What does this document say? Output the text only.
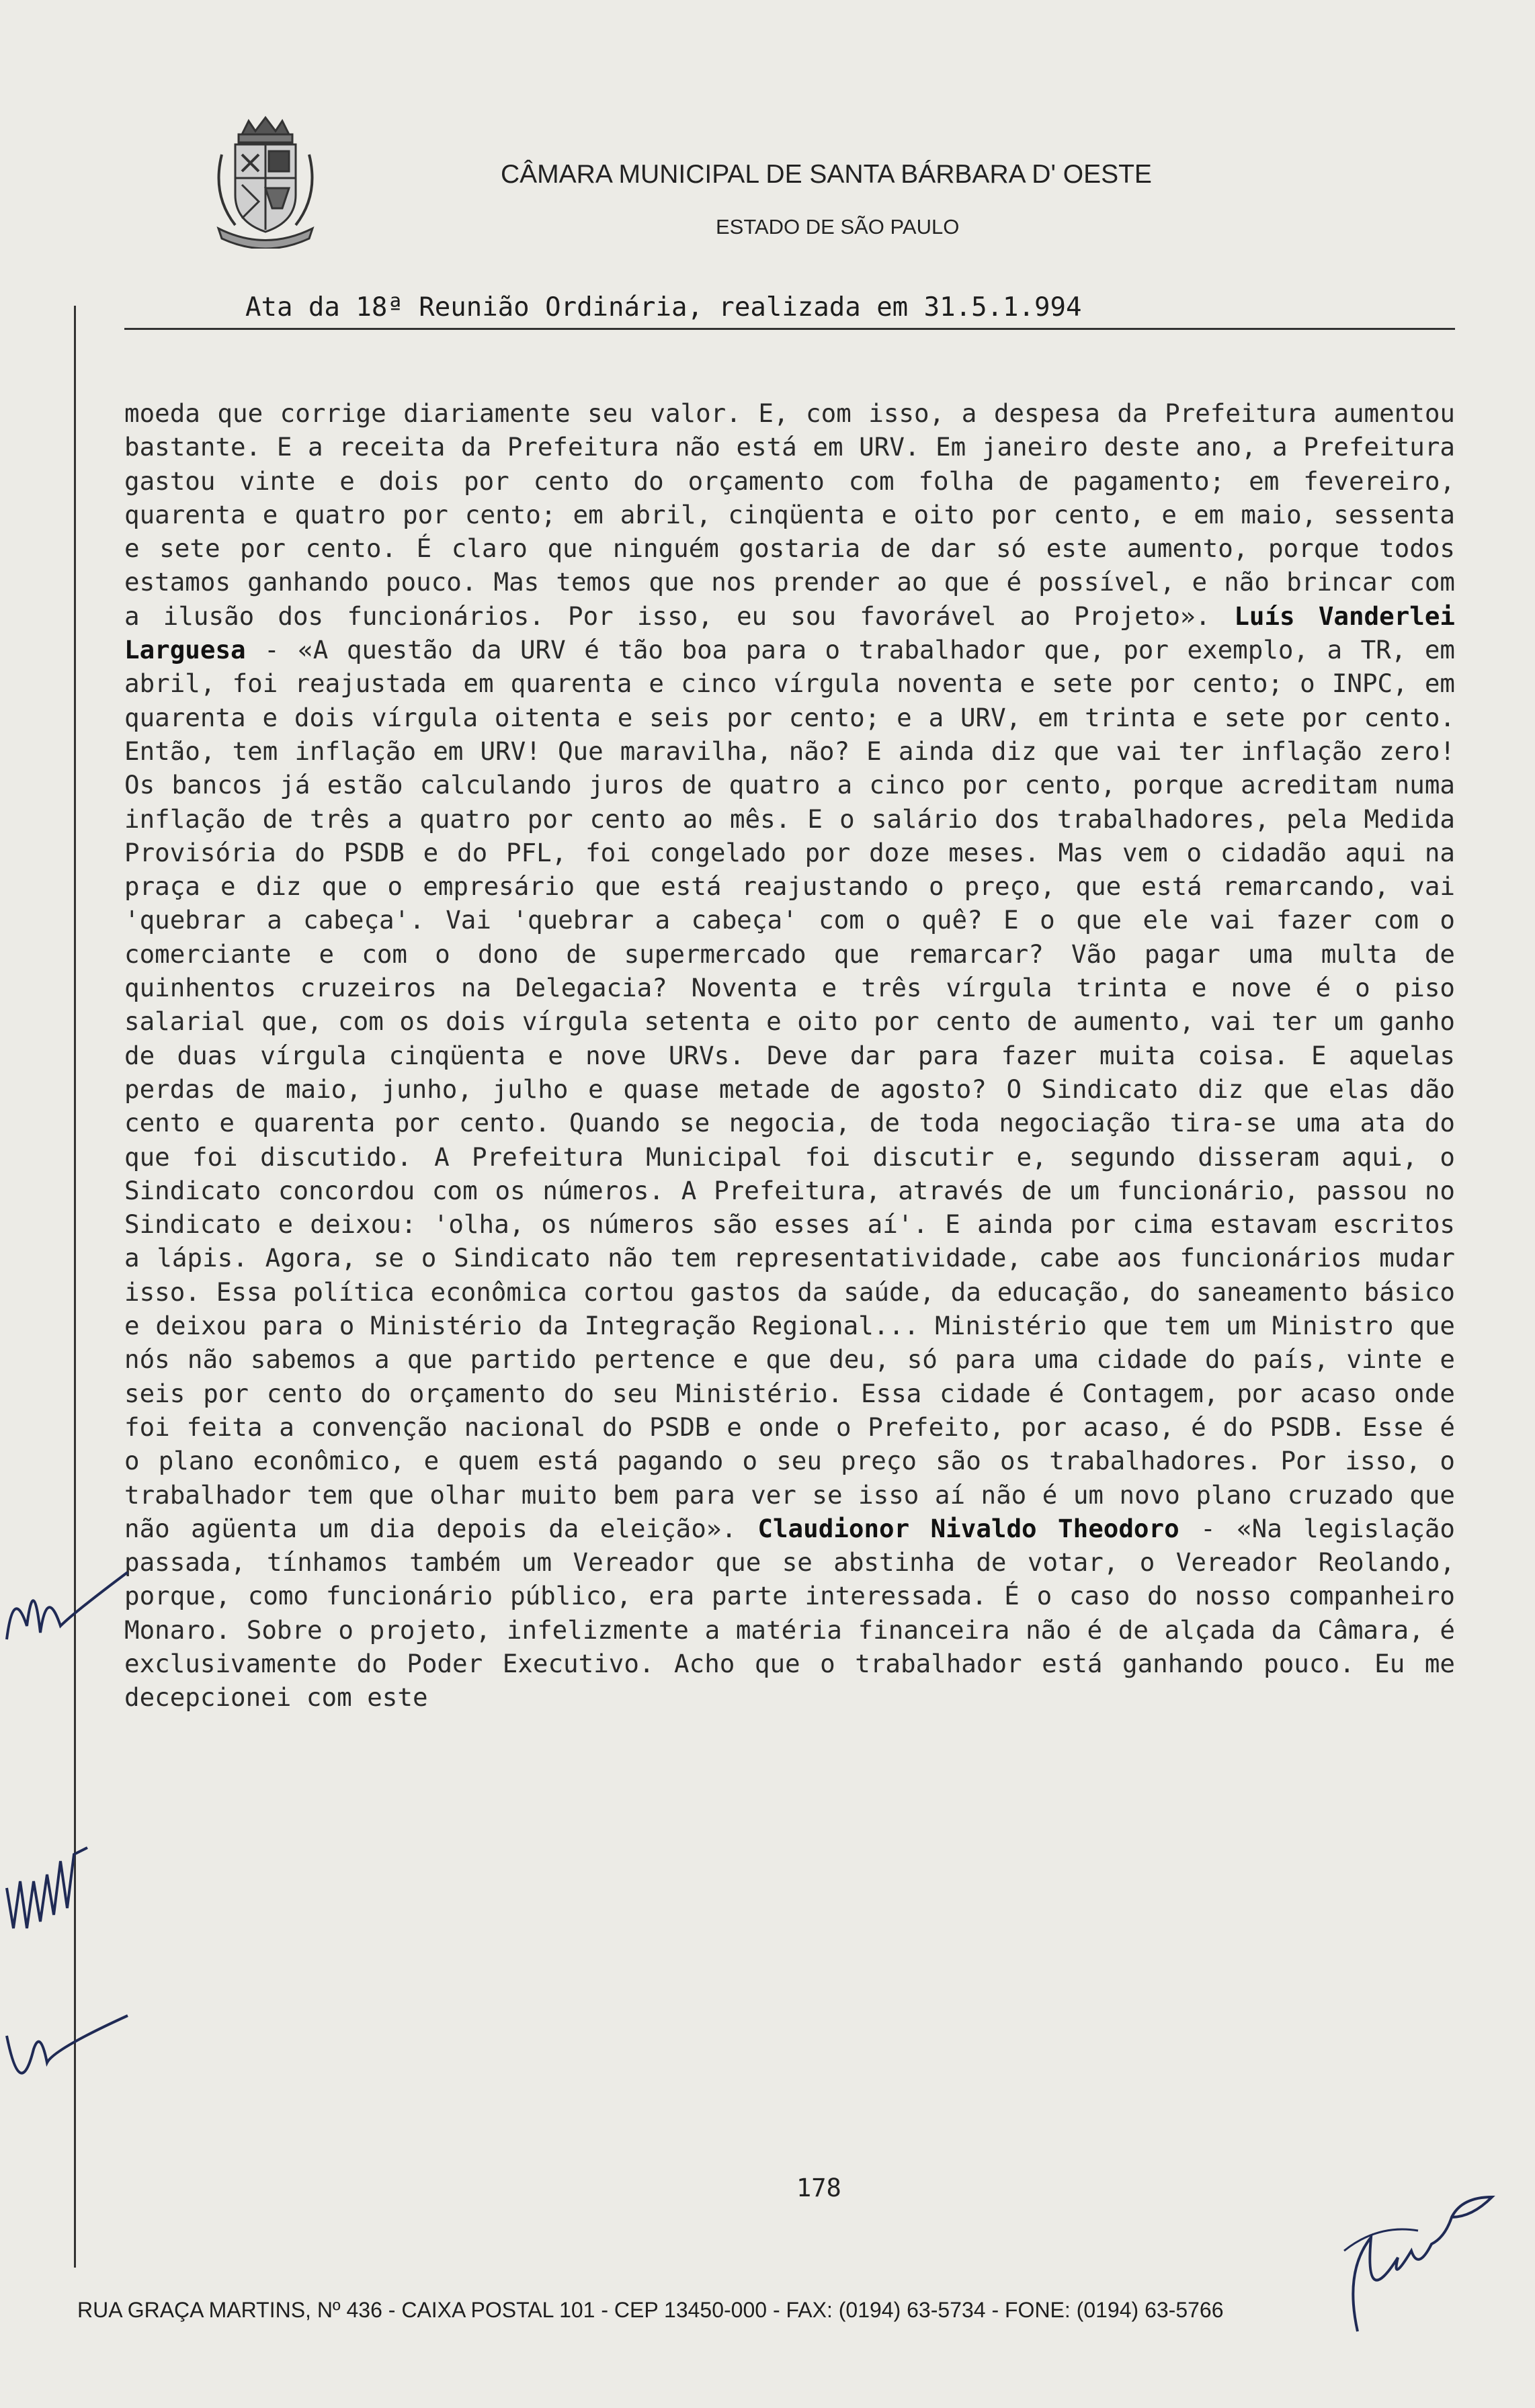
CÂMARA MUNICIPAL DE SANTA BÁRBARA D' OESTE
ESTADO DE SÃO PAULO
Ata da 18ª Reunião Ordinária, realizada em 31.5.1.994
moeda que corrige diariamente seu valor. E, com isso, a despesa da Prefeitura aumentou bastante. E a receita da Prefeitura não está em URV. Em janeiro deste ano, a Prefeitura gastou vinte e dois por cento do orçamento com folha de pagamento; em fevereiro, quarenta e quatro por cento; em abril, cinqüenta e oito por cento, e em maio, sessenta e sete por cento. É claro que ninguém gostaria de dar só este aumento, porque todos estamos ganhando pouco. Mas temos que nos prender ao que é possível, e não brincar com a ilusão dos funcionários. Por isso, eu sou favorável ao Projeto». Luís Vanderlei Larguesa - «A questão da URV é tão boa para o trabalhador que, por exemplo, a TR, em abril, foi reajustada em quarenta e cinco vírgula noventa e sete por cento; o INPC, em quarenta e dois vírgula oitenta e seis por cento; e a URV, em trinta e sete por cento. Então, tem inflação em URV! Que maravilha, não? E ainda diz que vai ter inflação zero! Os bancos já estão calculando juros de quatro a cinco por cento, porque acreditam numa inflação de três a quatro por cento ao mês. E o salário dos trabalhadores, pela Medida Provisória do PSDB e do PFL, foi congelado por doze meses. Mas vem o cidadão aqui na praça e diz que o empresário que está reajustando o preço, que está remarcando, vai 'quebrar a cabeça'. Vai 'quebrar a cabeça' com o quê? E o que ele vai fazer com o comerciante e com o dono de supermercado que remarcar? Vão pagar uma multa de quinhentos cruzeiros na Delegacia? Noventa e três vírgula trinta e nove é o piso salarial que, com os dois vírgula setenta e oito por cento de aumento, vai ter um ganho de duas vírgula cinqüenta e nove URVs. Deve dar para fazer muita coisa. E aquelas perdas de maio, junho, julho e quase metade de agosto? O Sindicato diz que elas dão cento e quarenta por cento. Quando se negocia, de toda negociação tira-se uma ata do que foi discutido. A Prefeitura Municipal foi discutir e, segundo disseram aqui, o Sindicato concordou com os números. A Prefeitura, através de um funcionário, passou no Sindicato e deixou: 'olha, os números são esses aí'. E ainda por cima estavam escritos a lápis. Agora, se o Sindicato não tem representatividade, cabe aos funcionários mudar isso. Essa política econômica cortou gastos da saúde, da educação, do saneamento básico e deixou para o Ministério da Integração Regional... Ministério que tem um Ministro que nós não sabemos a que partido pertence e que deu, só para uma cidade do país, vinte e seis por cento do orçamento do seu Ministério. Essa cidade é Contagem, por acaso onde foi feita a convenção nacional do PSDB e onde o Prefeito, por acaso, é do PSDB. Esse é o plano econômico, e quem está pagando o seu preço são os trabalhadores. Por isso, o trabalhador tem que olhar muito bem para ver se isso aí não é um novo plano cruzado que não agüenta um dia depois da eleição». Claudionor Nivaldo Theodoro - «Na legislação passada, tínhamos também um Vereador que se abstinha de votar, o Vereador Reolando, porque, como funcionário público, era parte interessada. É o caso do nosso companheiro Monaro. Sobre o projeto, infelizmente a matéria financeira não é de alçada da Câmara, é exclusivamente do Poder Executivo. Acho que o trabalhador está ganhando pouco. Eu me decepcionei com este
178
RUA GRAÇA MARTINS, Nº 436 - CAIXA POSTAL 101 - CEP 13450-000 - FAX: (0194) 63-5734 - FONE: (0194) 63-5766
